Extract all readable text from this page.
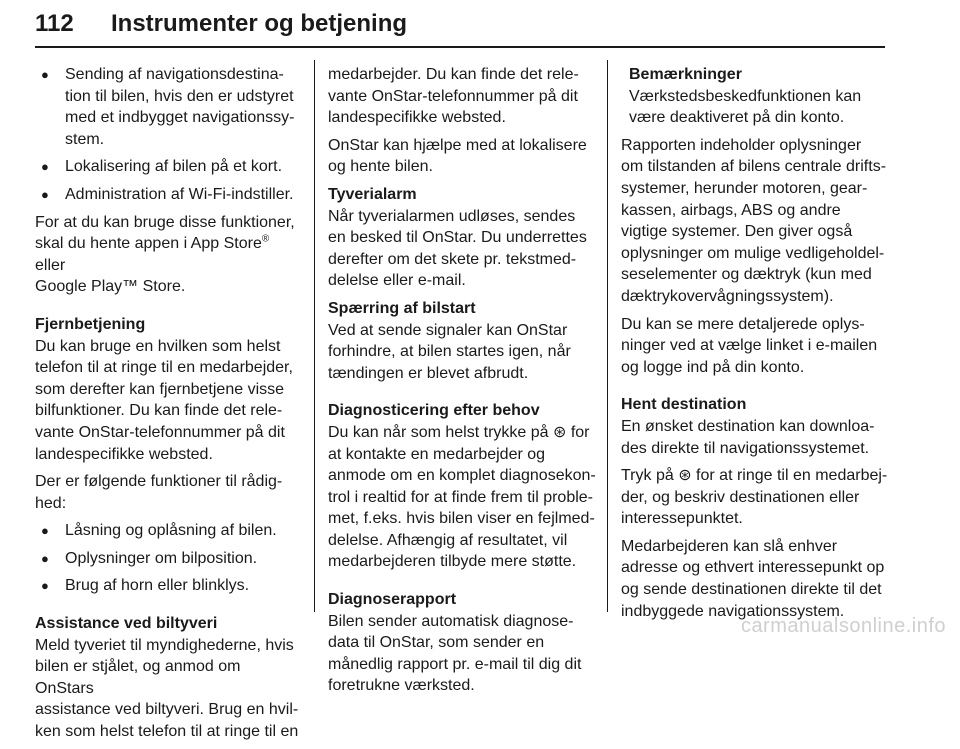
112 Instrumenter og betjening
● Sending af navigationsdestina-
tion til bilen, hvis den er udstyret
med et indbygget navigationssy-
stem.
● Lokalisering af bilen på et kort.
● Administration af Wi-Fi-indstiller.

For at du kan bruge disse funktioner,
skal du hente appen i App Store® eller
Google Play™ Store.

Fjernbetjening

Du kan bruge en hvilken som helst
telefon til at ringe til en medarbejder,
som derefter kan fjernbetjene visse
bilfunktioner. Du kan finde det rele-
vante OnStar-telefonnummer på dit
landespecifikke websted.

Der er følgende funktioner til rådig-
hed:

● Låsning og oplåsning af bilen.
● Oplysninger om bilposition.
● Brug af horn eller blinklys.
Assistance ved biltyveri

Meld tyveriet til myndighederne, hvis
bilen er stjålet, og anmod om OnStars
assistance ved biltyveri. Brug en hvil-
ken som helst telefon til at ringe til en

medarbejder. Du kan finde det rele-
vante OnStar-telefonnummer på dit
landespecifikke websted.

OnStar kan hjælpe med at lokalisere
og hente bilen.

Tyverialarm

Når tyverialarmen udløses, sendes
en besked til OnStar. Du underrettes
derefter om det skete pr. tekstmed-
delelse eller e-mail.

Spærring af bilstart

Ved at sende signaler kan OnStar
forhindre, at bilen startes igen, når
tændingen er blevet afbrudt.

Diagnosticering efter behov

Du kan når som helst trykke på ⊛ for
at kontakte en medarbejder og
anmode om en komplet diagnosekon-
trol i realtid for at finde frem til proble-
met, f.eks. hvis bilen viser en fejlmed-
delelse. Afhængig af resultatet, vil
medarbejderen tilbyde mere støtte.

Diagnoserapport

Bilen sender automatisk diagnose-
data til OnStar, som sender en
månedlig rapport pr. e-mail til dig dit
foretrukne værksted.

Bemærkninger

Værkstedsbeskedfunktionen kan
være deaktiveret på din konto.

Rapporten indeholder oplysninger
om tilstanden af bilens centrale drifts-
systemer, herunder motoren, gear-
kassen, airbags, ABS og andre
vigtige systemer. Den giver også
oplysninger om mulige vedligeholdel-
seselementer og dæktryk (kun med
dæktrykovervågningssystem).

Du kan se mere detaljerede oplys-
ninger ved at vælge linket i e-mailen
og logge ind på din konto.

Hent destination

En ønsket destination kan downloa-
des direkte til navigationssystemet.

Tryk på ⊛ for at ringe til en medarbej-
der, og beskriv destinationen eller
interessepunktet.

Medarbejderen kan slå enhver
adresse og ethvert interessepunkt op
og sende destinationen direkte til det
indbyggede navigationssystem.

carmanualsonline.info
